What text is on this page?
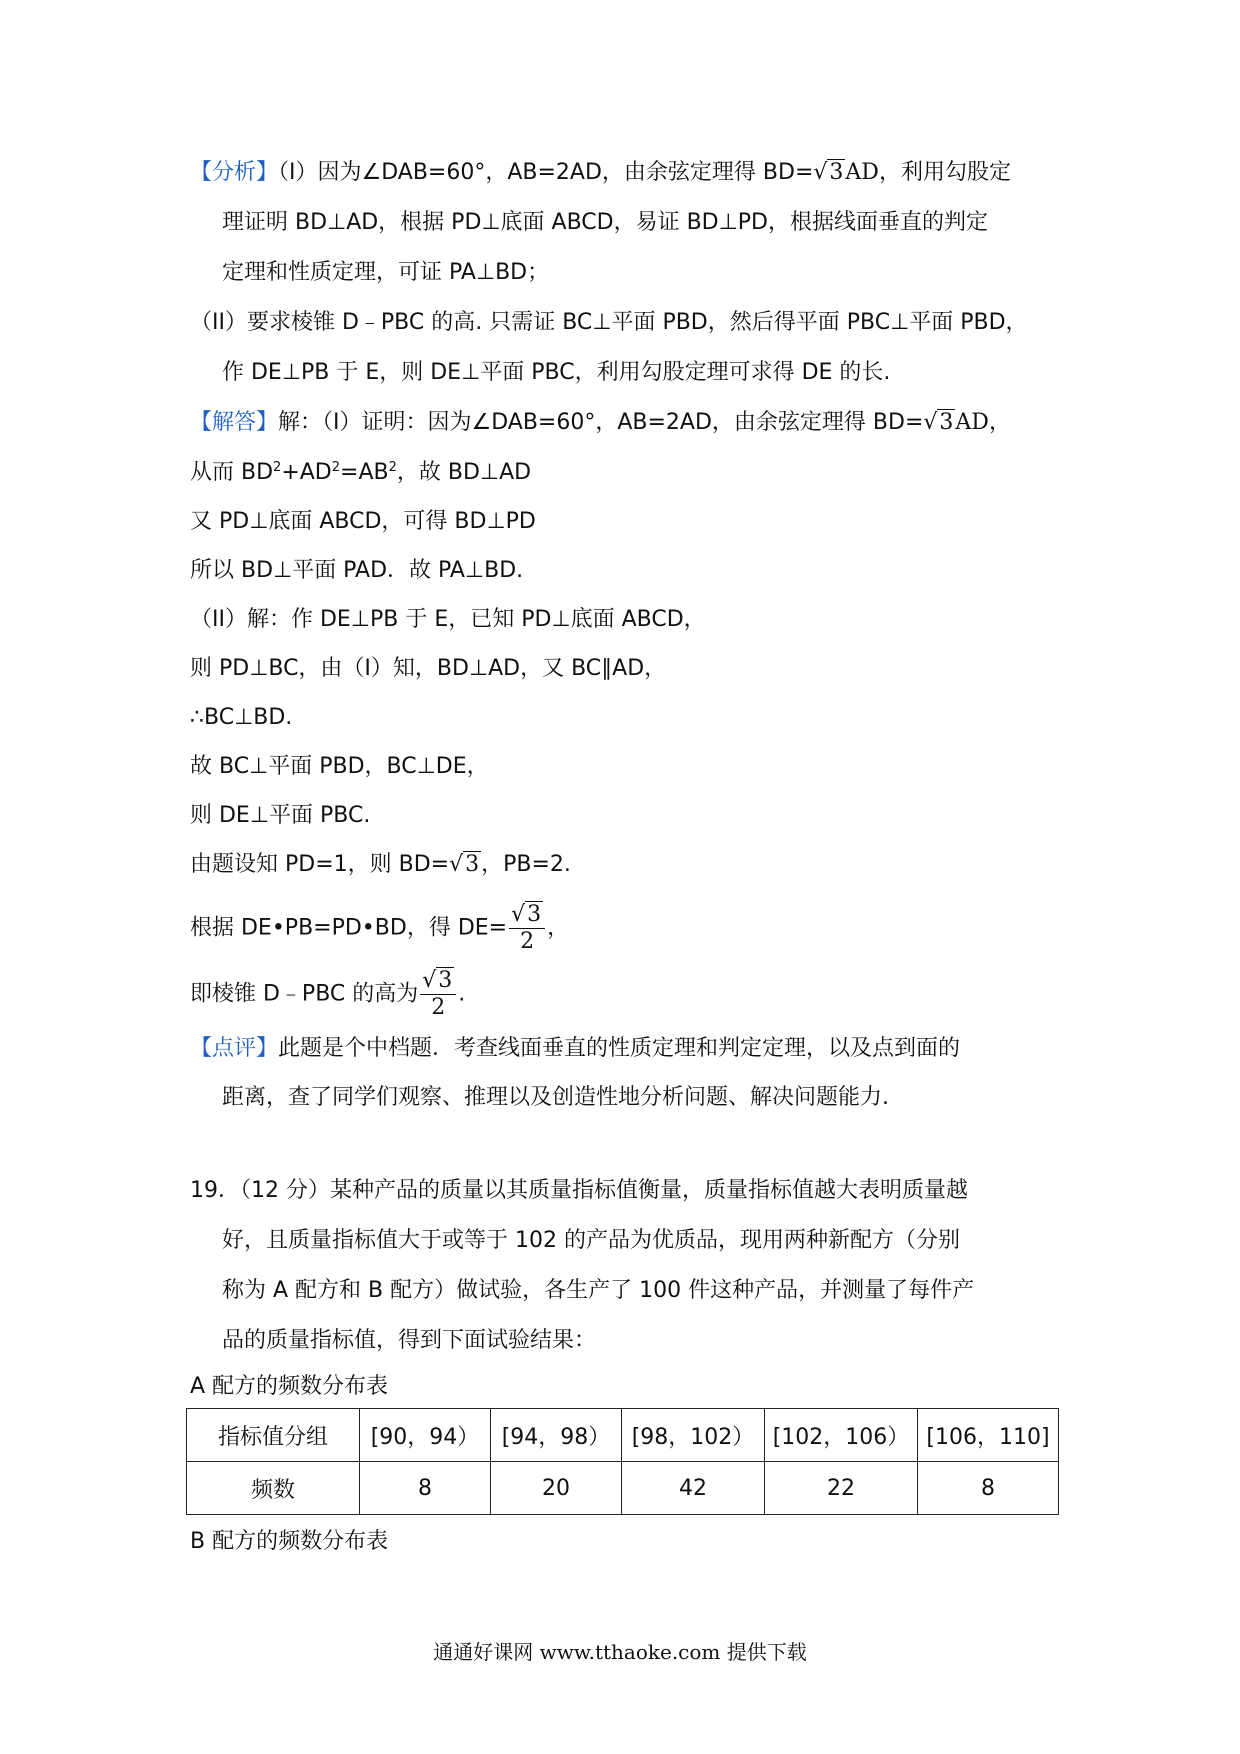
【分析】（Ⅰ）因为∠DAB=60°，AB=2AD，由余弦定理得 BD=√3AD，利用勾股定
理证明 BD⊥AD，根据 PD⊥底面 ABCD，易证 BD⊥PD，根据线面垂直的判定
定理和性质定理，可证 PA⊥BD；
（II）要求棱锥 D﹣PBC 的高. 只需证 BC⊥平面 PBD，然后得平面 PBC⊥平面 PBD，
作 DE⊥PB 于 E，则 DE⊥平面 PBC，利用勾股定理可求得 DE 的长.
【解答】解：（Ⅰ）证明：因为∠DAB=60°，AB=2AD，由余弦定理得 BD=√3AD，
从而 $BD^2+AD^2=AB^2$，故 BD⊥AD
又 PD⊥底面 ABCD，可得 BD⊥PD
所以 BD⊥平面 PAD．故 PA⊥BD.
（II）解：作 DE⊥PB 于 E，已知 PD⊥底面 ABCD，
则 PD⊥BC，由（I）知，BD⊥AD，又 BC∥AD，
∴BC⊥BD.
故 BC⊥平面 PBD，BC⊥DE，
则 DE⊥平面 PBC.
由题设知 PD=1，则 BD=√3，PB=2.
根据 DE•PB=PD•BD，得 $DE= \frac{√3}{2}$ ，
即棱锥 D﹣PBC 的高为 $\frac{√3}{2}$ .
【点评】此题是个中档题．考查线面垂直的性质定理和判定定理，以及点到面的
距离，查了同学们观察、推理以及创造性地分析问题、解决问题能力.
19．（12 分）某种产品的质量以其质量指标值衡量，质量指标值越大表明质量越
好，且质量指标值大于或等于 102 的产品为优质品，现用两种新配方（分别
称为 A 配方和 B 配方）做试验，各生产了 100 件这种产品，并测量了每件产
品的质量指标值，得到下面试验结果：
A 配方的频数分布表
指标值分组	[90，94）	[94，98）	[98，102）	[102，106）	[106，110]
频数	8	20	42	22	8
B 配方的频数分布表
通通好课网 www.tthaoke.com 提供下载
